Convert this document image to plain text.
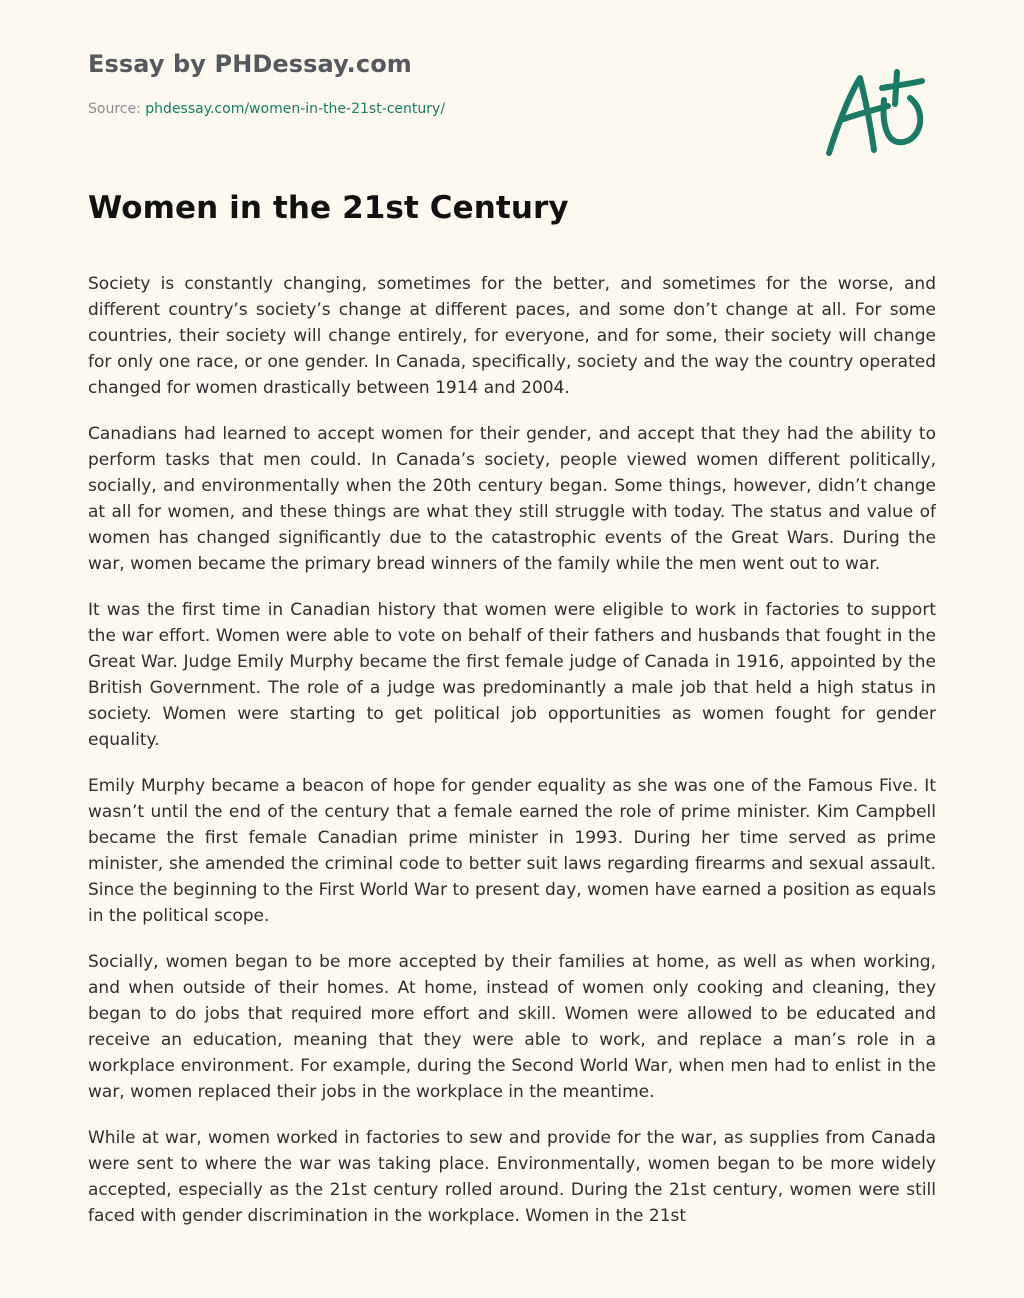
Essay by PHDessay.com

Source: phdessay.com/women-in-the-21st-century/

Women in the 21st Century

Society is constantly changing, sometimes for the better, and sometimes for the worse, and different country’s society’s change at different paces, and some don’t change at all. For some countries, their society will change entirely, for everyone, and for some, their society will change for only one race, or one gender. In Canada, specifically, society and the way the country operated changed for women drastically between 1914 and 2004.

Canadians had learned to accept women for their gender, and accept that they had the ability to perform tasks that men could. In Canada’s society, people viewed women different politically, socially, and environmentally when the 20th century began. Some things, however, didn’t change at all for women, and these things are what they still struggle with today. The status and value of women has changed significantly due to the catastrophic events of the Great Wars. During the war, women became the primary bread winners of the family while the men went out to war.

It was the first time in Canadian history that women were eligible to work in factories to support the war effort. Women were able to vote on behalf of their fathers and husbands that fought in the Great War. Judge Emily Murphy became the first female judge of Canada in 1916, appointed by the British Government. The role of a judge was predominantly a male job that held a high status in society. Women were starting to get political job opportunities as women fought for gender equality.

Emily Murphy became a beacon of hope for gender equality as she was one of the Famous Five. It wasn’t until the end of the century that a female earned the role of prime minister. Kim Campbell became the first female Canadian prime minister in 1993. During her time served as prime minister, she amended the criminal code to better suit laws regarding firearms and sexual assault. Since the beginning to the First World War to present day, women have earned a position as equals in the political scope.

Socially, women began to be more accepted by their families at home, as well as when working, and when outside of their homes. At home, instead of women only cooking and cleaning, they began to do jobs that required more effort and skill. Women were allowed to be educated and receive an education, meaning that they were able to work, and replace a man’s role in a workplace environment. For example, during the Second World War, when men had to enlist in the war, women replaced their jobs in the workplace in the meantime.

While at war, women worked in factories to sew and provide for the war, as supplies from Canada were sent to where the war was taking place. Environmentally, women began to be more widely accepted, especially as the 21st century rolled around. During the 21st century, women were still faced with gender discrimination in the workplace. Women in the 21st
